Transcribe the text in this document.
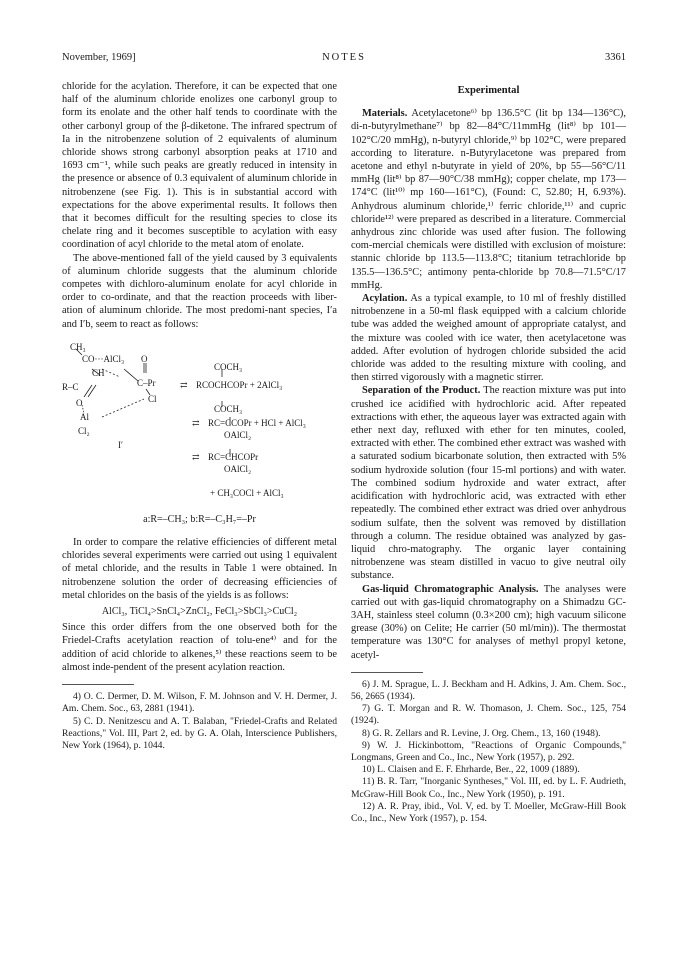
November, 1969]	NOTES	3361

chloride for the acylation. Therefore, it can be expected that one half of the aluminum chloride enolizes one carbonyl group to form its enolate and the other half tends to coordinate with the other carbonyl group of the β-diketone. The infrared spectrum of Ia in the nitrobenzene solution of 2 equivalents of aluminum chloride shows strong carbonyl absorption peaks at 1710 and 1693 cm⁻¹, while such peaks are greatly reduced in intensity in the presence or absence of 0.3 equivalent of aluminum chloride in nitrobenzene (see Fig. 1). This is in substantial accord with expectations for the above experimental results. It follows then that it becomes difficult for the resulting species to close its chelate ring and it becomes susceptible to acylation with easy coordination of acyl chloride to the metal atom of enolate.

The above-mentioned fall of the yield caused by 3 equivalents of aluminum chloride suggests that the aluminum chloride competes with dichloro-aluminum enolate for acyl chloride in order to co-ordinate, and that the reaction proceeds with liber-ation of aluminum chloride. The most predomi-nant species, I′a and I′b, seem to react as follows:

CH₃
CO···AlCl₃
CH
R–C
O
C–Pr
O	Cl
Al
Cl₂
I′
⇄
COCH₃
RCOCHCOPr + 2AlCl₃
COCH₃
⇄ RC=CCOPr + HCl + AlCl₃
OAlCl₂
⇄ RC=CHCOPr
OAlCl₂
+ CH₃COCl + AlCl₃
a:R=–CH₃; b:R=–C₃H₇=–Pr

In order to compare the relative efficiencies of different metal chlorides several experiments were carried out using 1 equivalent of metal chloride, and the results in Table 1 were obtained. In nitrobenzene solution the order of decreasing efficiencies of metal chlorides on the basis of the yields is as follows:

AlCl₃, TiCl₄>SnCl₄>ZnCl₂, FeCl₃>SbCl₃>CuCl₂

Since this order differs from the one observed both for the Friedel-Crafts acetylation reaction of tolu-ene⁴⁾ and for the addition of acid chloride to alkenes,⁵⁾ these reactions seem to be almost inde-pendent of the present acylation reaction.

4) O. C. Dermer, D. M. Wilson, F. M. Johnson and V. H. Dermer, J. Am. Chem. Soc., 63, 2881 (1941).

5) C. D. Nenitzescu and A. T. Balaban, "Friedel-Crafts and Related Reactions," Vol. III, Part 2, ed. by G. A. Olah, Interscience Publishers, New York (1964), p. 1044.

Experimental

Materials. Acetylacetone⁶⁾ bp 136.5°C (lit bp 134—136°C), di-n-butyrylmethane⁷⁾ bp 82—84°C/11mmHg (lit⁸⁾ bp 101—102°C/20 mmHg), n-butyryl chloride,⁹⁾ bp 102°C, were prepared according to literature. n-Butyrylacetone was prepared from acetone and ethyl n-butyrate in yield of 20%, bp 55—56°C/11 mmHg (lit⁸⁾ bp 87—90°C/38 mmHg); copper chelate, mp 173—174°C (lit¹⁰⁾ mp 160—161°C), (Found: C, 52.80; H, 6.93%). Anhydrous aluminum chloride,¹⁾ ferric chloride,¹¹⁾ and cupric chloride¹²⁾ were prepared as described in a literature. Commercial anhydrous zinc chloride was used after fusion. The following com-mercial chemicals were distilled with exclusion of moisture: stannic chloride bp 113.5—113.8°C; titanium tetrachloride bp 135.5—136.5°C; antimony penta-chloride bp 70.8—71.5°C/17 mmHg.

Acylation. As a typical example, to 10 ml of freshly distilled nitrobenzene in a 50-ml flask equipped with a calcium chloride tube was added the weighed amount of appropriate catalyst, and the mixture was cooled with ice water, then acetylacetone was added. After evolution of hydrogen chloride subsided the acid chloride was added to the resulting mixture with cooling, and then stirred vigorously with a magnetic stirrer.

Separation of the Product. The reaction mixture was put into crushed ice acidified with hydrochloric acid. After repeated extractions with ether, the aqueous layer was extracted again with ether next day, refluxed with ether for ten minutes, cooled, extracted with ether. The combined ether extract was washed with a saturated sodium bicarbonate solution, then extracted with 5% sodium hydroxide solution (four 15-ml portions) and with water. The combined sodium hydroxide and water extract, after acidification with hydrochloric acid, was extracted with ether repeatedly. The combined ether extract was dried over anhydrous sodium sulfate, then the solvent was removed by distillation through a column. The residue obtained was analyzed by gas-liquid chro-matography. The organic layer containing nitrobenzene was steam distilled in vacuo to give neutral oily substance.

Gas-liquid Chromatographic Analysis. The analyses were carried out with gas-liquid chromatography on a Shimadzu GC-3AH, stainless steel column (0.3×200 cm); high vacuum silicone grease (30%) on Celite; He carrier (50 ml/min)). The thermostat temperature was 130°C for analyses of methyl propyl ketone, acetyl-

6) J. M. Sprague, L. J. Beckham and H. Adkins, J. Am. Chem. Soc., 56, 2665 (1934).

7) G. T. Morgan and R. W. Thomason, J. Chem. Soc., 125, 754 (1924).

8) G. R. Zellars and R. Levine, J. Org. Chem., 13, 160 (1948).

9) W. J. Hickinbottom, "Reactions of Organic Compounds," Longmans, Green and Co., Inc., New York (1957), p. 292.

10) L. Claisen and E. F. Ehrharde, Ber., 22, 1009 (1889).

11) B. R. Tarr, "Inorganic Syntheses," Vol. III, ed. by L. F. Audrieth, McGraw-Hill Book Co., Inc., New York (1950), p. 191.

12) A. R. Pray, ibid., Vol. V, ed. by T. Moeller, McGraw-Hill Book Co., Inc., New York (1957), p. 154.
